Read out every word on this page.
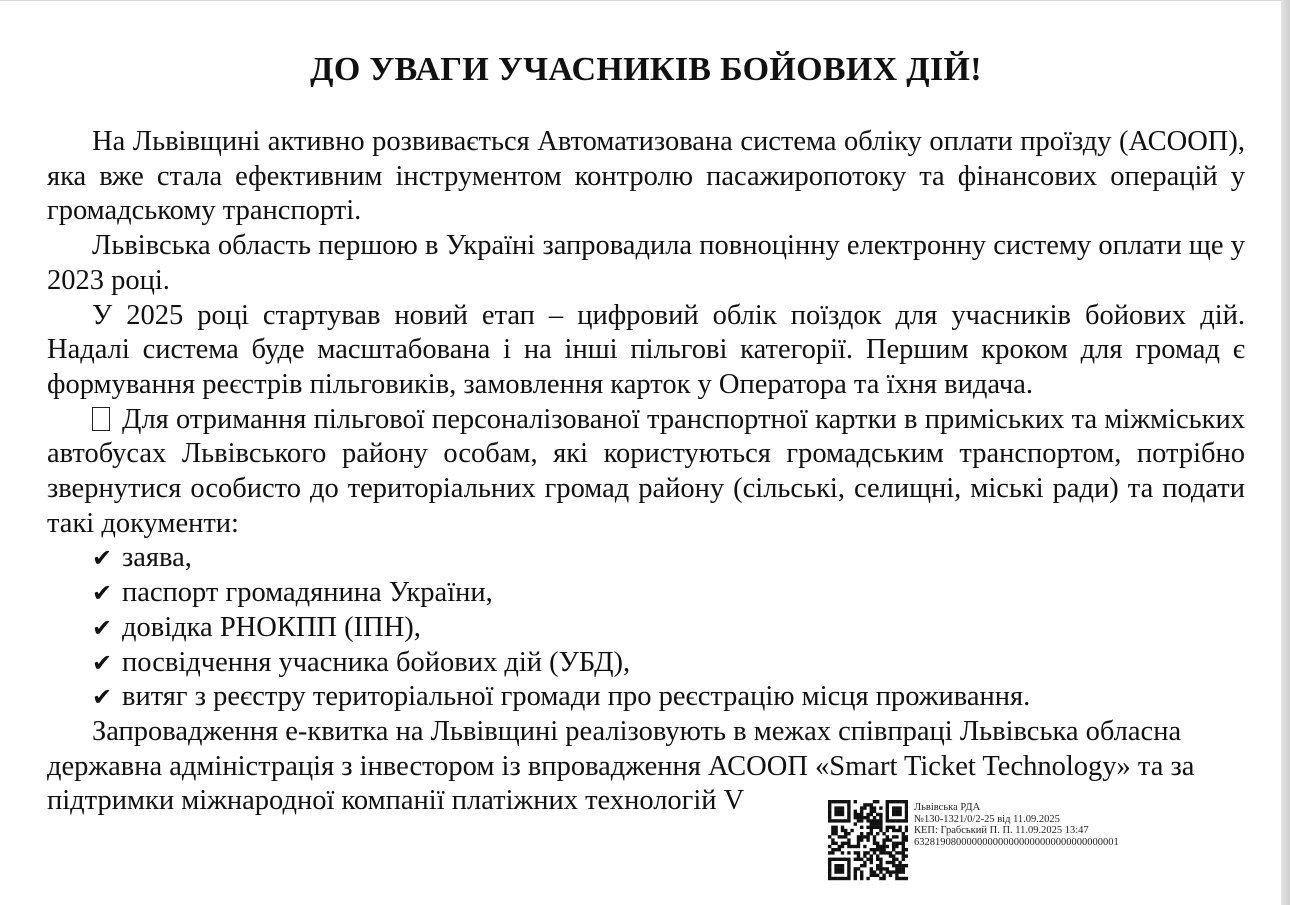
ДО УВАГИ УЧАСНИКІВ БОЙОВИХ ДІЙ!

На Львівщині активно розвивається Автоматизована система обліку оплати проїзду (АСООП), яка вже стала ефективним інструментом контролю пасажиропотоку та фінансових операцій у громадському транспорті.

Львівська область першою в Україні запровадила повноцінну електронну систему оплати ще у 2023 році.

У 2025 році стартував новий етап – цифровий облік поїздок для учасників бойових дій. Надалі система буде масштабована і на інші пільгові категорії. Першим кроком для громад є формування реєстрів пільговиків, замовлення карток у Оператора та їхня видача.

Для отримання пільгової персоналізованої транспортної картки в приміських та міжміських автобусах Львівського району особам, які користуються громадським транспортом, потрібно звернутися особисто до територіальних громад району (сільські, селищні, міські ради) та подати такі документи:

✔ заява,
✔ паспорт громадянина України,
✔ довідка РНОКПП (ІПН),
✔ посвідчення учасника бойових дій (УБД),
✔ витяг з реєстру територіальної громади про реєстрацію місця проживання.

Запровадження е-квитка на Львівщині реалізовують в межах співпраці Львівська обласна державна адміністрація з інвестором із впровадження АСООП «Smart Ticket Technology» та за підтримки міжнародної компанії платіжних технологій V	Львівська РДА
№130-1321/0/2-25 від 11.09.2025
КЕП: Грабський П. П. 11.09.2025 13:47
632819080000000000000000000000000000001
